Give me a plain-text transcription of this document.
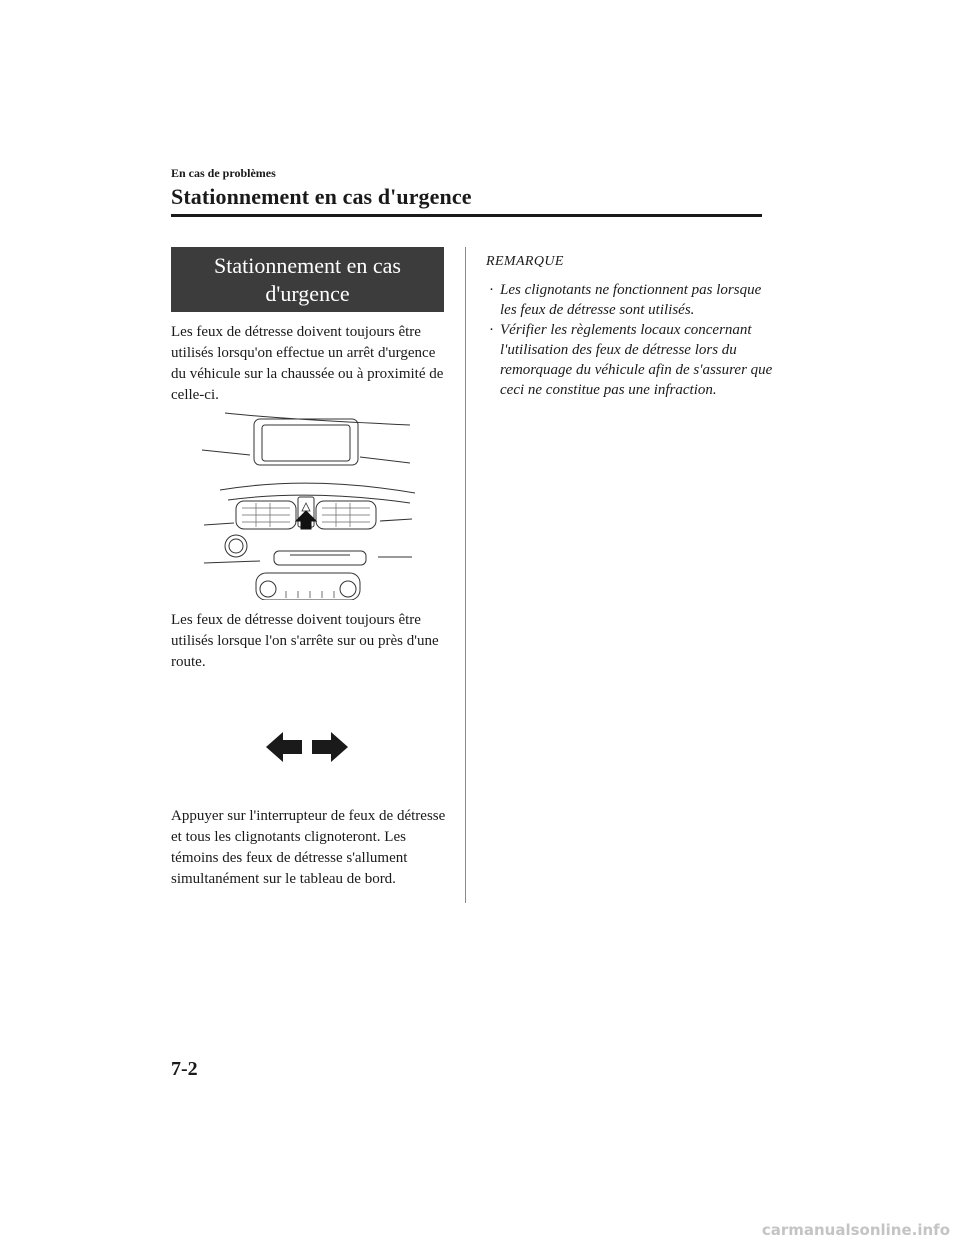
En cas de problèmes
Stationnement en cas d'urgence
Stationnement en cas
d'urgence

Les feux de détresse doivent toujours être utilisés lorsqu'on effectue un arrêt d'urgence du véhicule sur la chaussée ou à proximité de celle-ci.

Les feux de détresse doivent toujours être utilisés lorsque l'on s'arrête sur ou près d'une route.

Appuyer sur l'interrupteur de feux de détresse et tous les clignotants clignoteront. Les témoins des feux de détresse s'allument simultanément sur le tableau de bord.

REMARQUE
· Les clignotants ne fonctionnent pas lorsque les feux de détresse sont utilisés.
· Vérifier les règlements locaux concernant l'utilisation des feux de détresse lors du remorquage du véhicule afin de s'assurer que ceci ne constitue pas une infraction.
7-2
carmanualsonline.info
